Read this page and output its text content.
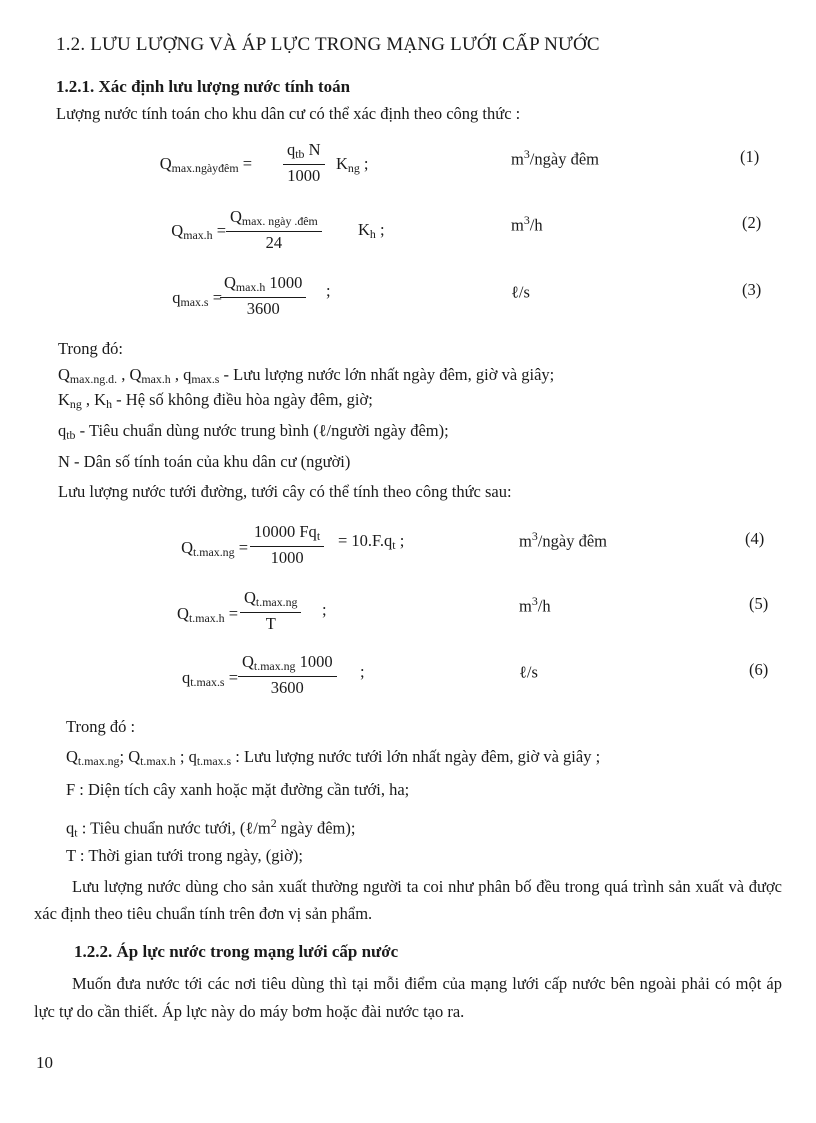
1.2. LƯU LƯỢNG VÀ ÁP LỰC TRONG MẠNG LƯỚI CẤP NƯỚC
1.2.1. Xác định lưu lượng nước tính toán
Lượng nước tính toán cho khu dân cư có thể xác định theo công thức :
$Q_{max.ngàyđêm}$ =
$q_{tb}$ N
1000
$K_{ng}$ ;	$m^3$/ngày đêm	(1)
$Q_{max.h}$ =
$Q_{max. ngày .đêm}$
24
$K_h$ ;	$m^3/h$	(2)
$q_{max.s}$ =
$Q_{max.h}$ 1000
3600
;	ℓ/s	(3)
Trong đó:
$Q_{max.ng.d.}$ , $Q_{max.h}$ , $q_{max.s}$ - Lưu lượng nước lớn nhất ngày đêm, giờ và giây;
$K_{ng}$ , $K_h$ - Hệ số không điều hòa ngày đêm, giờ;
$q_{tb}$ - Tiêu chuẩn dùng nước trung bình (ℓ/người ngày đêm);
N - Dân số tính toán của khu dân cư (người)
Lưu lượng nước tưới đường, tưới cây có thể tính theo công thức sau:
$Q_{t.max.ng}$ =
10000 $Fq_t$
1000
= $10.F.q_t$ ;	$m^3$/ngày đêm	(4)
$Q_{t.max.h}$ =
$Q_{t.max.ng}$
T
;	$m^3/h$	(5)
$q_{t.max.s}$ =
$Q_{t.max.ng}$ 1000
3600
;	ℓ/s	(6)
Trong đó :
$Q_{t.max.ng}$; $Q_{t.max.h}$ ; $q_{t.max.s}$ : Lưu lượng nước tưới lớn nhất ngày đêm, giờ và giây ;
F : Diện tích cây xanh hoặc mặt đường cần tưới, ha;
$q_t$ : Tiêu chuẩn nước tưới, ($\ell/m^2$ ngày đêm);
T : Thời gian tưới trong ngày, (giờ);
Lưu lượng nước dùng cho sản xuất thường người ta coi như phân bố đều trong quá trình sản xuất và được xác định theo tiêu chuẩn tính trên đơn vị sản phẩm.
1.2.2. Áp lực nước trong mạng lưới cấp nước
Muốn đưa nước tới các nơi tiêu dùng thì tại mỗi điểm của mạng lưới cấp nước bên ngoài phải có một áp lực tự do cần thiết. Áp lực này do máy bơm hoặc đài nước tạo ra.
10
